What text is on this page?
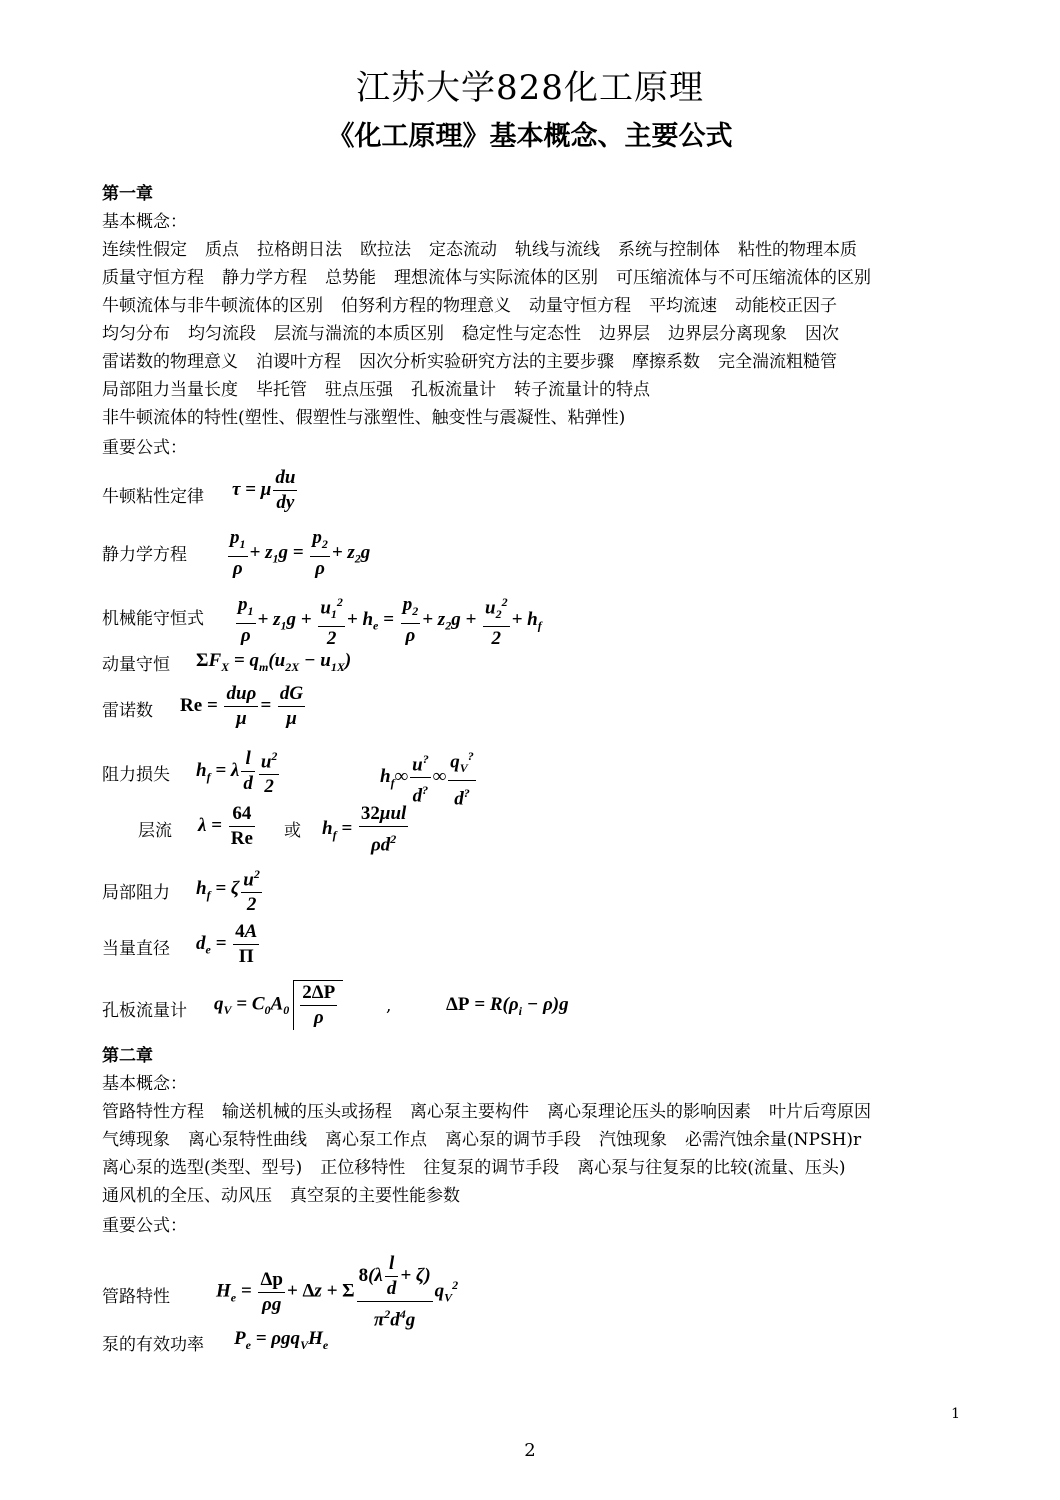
江苏大学828化工原理
《化工原理》基本概念、主要公式
第一章
基本概念：
连续性假定 质点 拉格朗日法 欧拉法 定态流动 轨线与流线 系统与控制体 粘性的物理本质
质量守恒方程 静力学方程 总势能 理想流体与实际流体的区别 可压缩流体与不可压缩流体的区别
牛顿流体与非牛顿流体的区别 伯努利方程的物理意义 动量守恒方程 平均流速 动能校正因子
均匀分布 均匀流段 层流与湍流的本质区别 稳定性与定态性 边界层 边界层分离现象 因次
雷诺数的物理意义 泊谡叶方程 因次分析实验研究方法的主要步骤 摩擦系数 完全湍流粗糙管
局部阻力当量长度 毕托管 驻点压强 孔板流量计 转子流量计的特点
非牛顿流体的特性(塑性、假塑性与涨塑性、触变性与震凝性、粘弹性)
重要公式：
牛顿粘性定律 τ = μ $\frac{du}{dy}$
静力学方程 $\frac{p_1}{\rho} + z_1g = \frac{p_2}{\rho} + z_2g$
机械能守恒式 $\frac{p_1}{\rho} + z_1g + \frac{u_1^2}{2} + h_e = \frac{p_2}{\rho} + z_2g + \frac{u_2^2}{2} + h_f$
动量守恒 $\Sigma F_X = q_m(u_{2X} - u_{1X})$
雷诺数 $Re = \frac{\text{duρ}}{\mu} = \frac{dG}{\mu}$
阻力损失 $h_f = \lambda \frac{l}{d} \frac{u^2}{2}$	$h_f\infty \frac{u^?}{d^?}$ ∞ $\frac{q_V^?}{d^?}$
层流 $\lambda = \frac{64}{Re}$ 或 $h_f = \frac{\text{32μul}}{\rho d^2}$
局部阻力 $h_f = \zeta \frac{u^2}{2}$
当量直径 $d_e = \frac{4A}{\Pi}$
孔板流量计 $q_V = C_0A_0 \frac{2\Delta P}{\rho}$	,	$\Delta P = R(\rho_i - \rho)g$
第二章
基本概念：
管路特性方程 输送机械的压头或扬程 离心泵主要构件 离心泵理论压头的影响因素 叶片后弯原因
气缚现象 离心泵特性曲线 离心泵工作点 离心泵的调节手段 汽蚀现象 必需汽蚀余量(NPSH)r
离心泵的选型(类型、型号) 正位移特性 往复泵的调节手段 离心泵与往复泵的比较(流量、压头)
通风机的全压、动风压 真空泵的主要性能参数
重要公式：
管路特性 $H_e = \frac{\Delta p}{\rho g} + \Delta z + \Sigma \frac{8(\lambda \frac{l}{d} + \zeta)}{\pi^2d^4g} q_V^2$
泵的有效功率 $P_e = \rho gq_VH_e$
1
2
